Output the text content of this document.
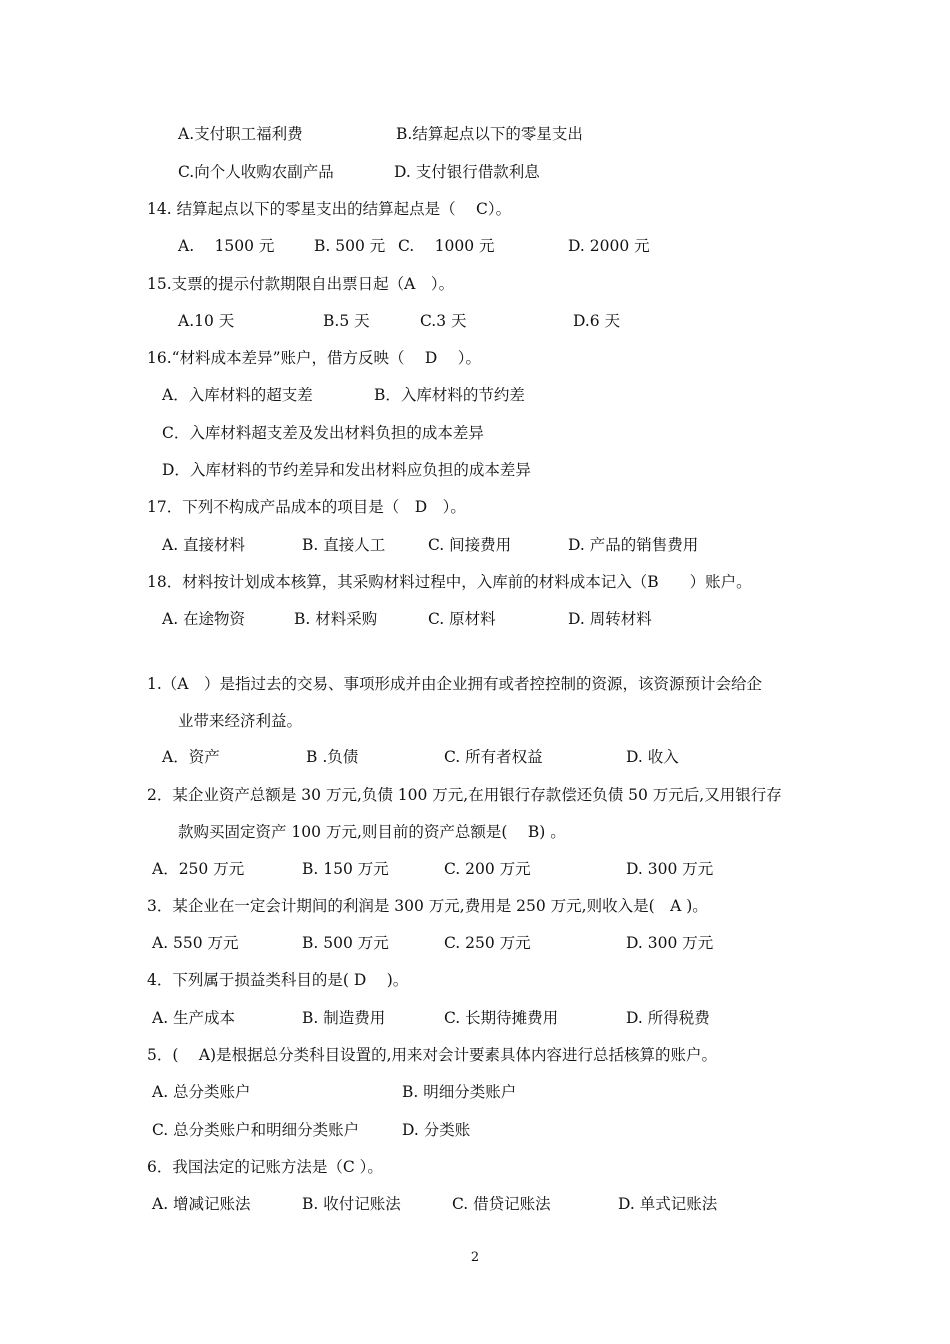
A.支付职工福利费	B.结算起点以下的零星支出
C.向个人收购农副产品	D. 支付银行借款利息
14. 结算起点以下的零星支出的结算起点是（　 C）。
A.　 1500 元	B. 500 元 C.　 1000 元	D. 2000 元
15.支票的提示付款期限自出票日起（A　）。
A.10 天	B.5 天	C.3 天	D.6 天
16.“材料成本差异”账户，借方反映（　 D　 ）。
A．入库材料的超支差	B．入库材料的节约差
C．入库材料超支差及发出材料负担的成本差异
D．入库材料的节约差异和发出材料应负担的成本差异
17．下列不构成产品成本的项目是（　D　）。
A. 直接材料	B. 直接人工	C. 间接费用	D. 产品的销售费用
18．材料按计划成本核算，其采购材料过程中，入库前的材料成本记入（B　　）账户。
A. 在途物资	B. 材料采购	C. 原材料	D. 周转材料
1.（A　）是指过去的交易、事项形成并由企业拥有或者控控制的资源，该资源预计会给企
业带来经济利益。
A．资产	B .负债	C. 所有者权益	D. 收入
2．某企业资产总额是 30 万元,负债 100 万元,在用银行存款偿还负债 50 万元后,又用银行存
款购买固定资产 100 万元,则目前的资产总额是(　 B) 。
A．250 万元	B. 150 万元	C. 200 万元	D. 300 万元
3．某企业在一定会计期间的利润是 300 万元,费用是 250 万元,则收入是(　A )。
A. 550 万元	B. 500 万元	C. 250 万元	D. 300 万元
4．下列属于损益类科目的是( D　 )。
A. 生产成本	B. 制造费用	C. 长期待摊费用	D. 所得税费
5．(　 A)是根据总分类科目设置的,用来对会计要素具体内容进行总括核算的账户。
A. 总分类账户	B. 明细分类账户
C. 总分类账户和明细分类账户	D. 分类账
6．我国法定的记账方法是（C ）。
A. 增减记账法	B. 收付记账法	C. 借贷记账法	D. 单式记账法
2
